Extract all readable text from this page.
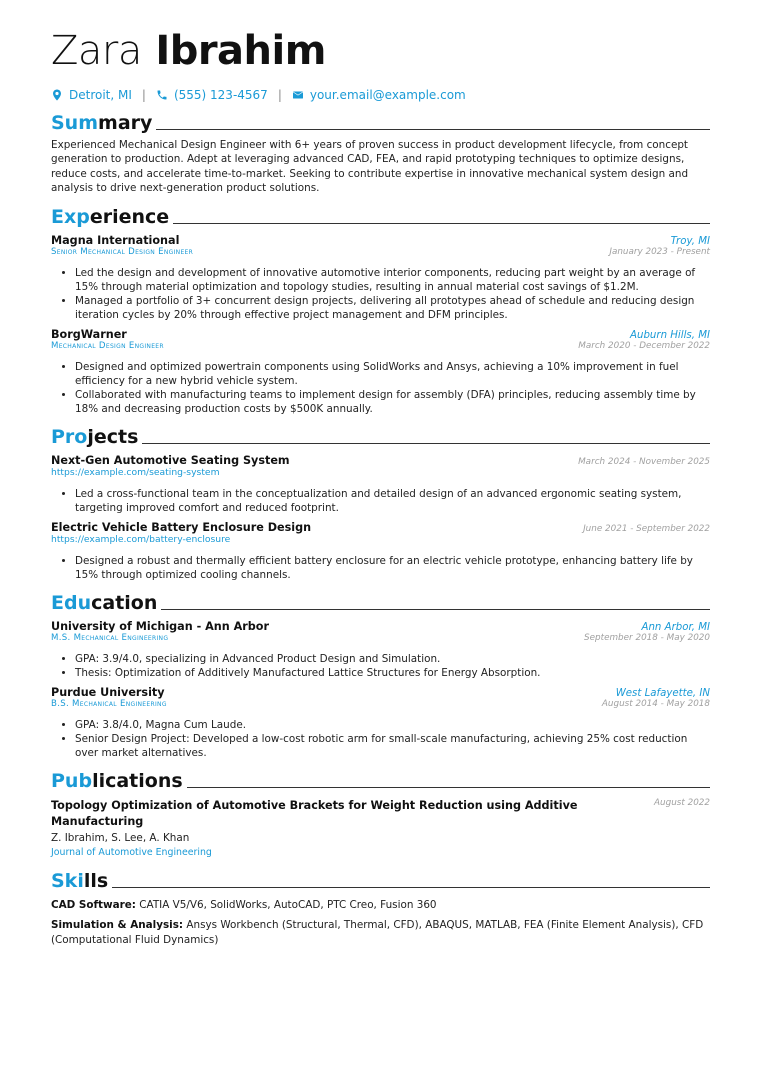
Zara Ibrahim
Detroit, MI | (555) 123-4567 | your.email@example.com
Summary

Experienced Mechanical Design Engineer with 6+ years of proven success in product development lifecycle, from concept generation to production. Adept at leveraging advanced CAD, FEA, and rapid prototyping techniques to optimize designs, reduce costs, and accelerate time-to-market. Seeking to contribute expertise in innovative mechanical system design and analysis to drive next-generation product solutions.

Experience
Magna International	Troy, MI
Senior Mechanical Design Engineer	January 2023 - Present
• Led the design and development of innovative automotive interior components, reducing part weight by an average of 15% through material optimization and topology studies, resulting in annual material cost savings of $1.2M.
• Managed a portfolio of 3+ concurrent design projects, delivering all prototypes ahead of schedule and reducing design iteration cycles by 20% through effective project management and DFM principles.
BorgWarner	Auburn Hills, MI
Mechanical Design Engineer	March 2020 - December 2022
• Designed and optimized powertrain components using SolidWorks and Ansys, achieving a 10% improvement in fuel efficiency for a new hybrid vehicle system.
• Collaborated with manufacturing teams to implement design for assembly (DFA) principles, reducing assembly time by 18% and decreasing production costs by $500K annually.
Projects
Next-Gen Automotive Seating System	March 2024 - November 2025
https://example.com/seating-system
• Led a cross-functional team in the conceptualization and detailed design of an advanced ergonomic seating system, targeting improved comfort and reduced footprint.
Electric Vehicle Battery Enclosure Design	June 2021 - September 2022
https://example.com/battery-enclosure
• Designed a robust and thermally efficient battery enclosure for an electric vehicle prototype, enhancing battery life by 15% through optimized cooling channels.
Education
University of Michigan - Ann Arbor	Ann Arbor, MI
M.S. Mechanical Engineering	September 2018 - May 2020
• GPA: 3.9/4.0, specializing in Advanced Product Design and Simulation.
• Thesis: Optimization of Additively Manufactured Lattice Structures for Energy Absorption.
Purdue University	West Lafayette, IN
B.S. Mechanical Engineering	August 2014 - May 2018
• GPA: 3.8/4.0, Magna Cum Laude.
• Senior Design Project: Developed a low-cost robotic arm for small-scale manufacturing, achieving 25% cost reduction over market alternatives.
Publications
Topology Optimization of Automotive Brackets for Weight Reduction using Additive Manufacturing
August 2022
Z. Ibrahim, S. Lee, A. Khan
Journal of Automotive Engineering
Skills
CAD Software: CATIA V5/V6, SolidWorks, AutoCAD, PTC Creo, Fusion 360
Simulation & Analysis: Ansys Workbench (Structural, Thermal, CFD), ABAQUS, MATLAB, FEA (Finite Element Analysis), CFD (Computational Fluid Dynamics)
